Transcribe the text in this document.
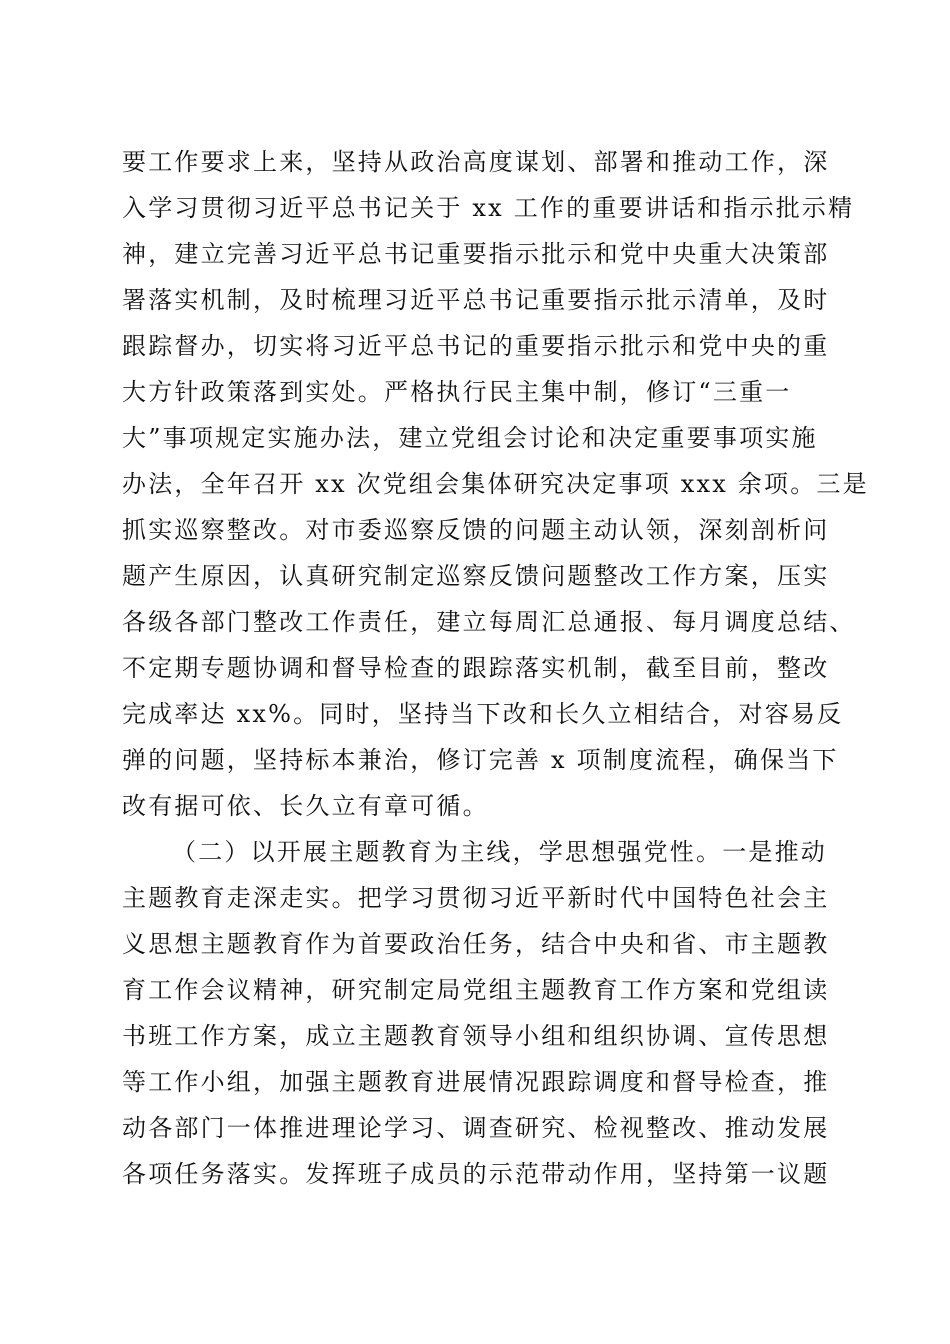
要工作要求上来，坚持从政治高度谋划、部署和推动工作，深
入学习贯彻习近平总书记关于 xx 工作的重要讲话和指示批示精
神，建立完善习近平总书记重要指示批示和党中央重大决策部
署落实机制，及时梳理习近平总书记重要指示批示清单，及时
跟踪督办，切实将习近平总书记的重要指示批示和党中央的重
大方针政策落到实处。严格执行民主集中制，修订“三重一
大”事项规定实施办法，建立党组会讨论和决定重要事项实施
办法，全年召开 xx 次党组会集体研究决定事项 xxx 余项。三是
抓实巡察整改。对市委巡察反馈的问题主动认领，深刻剖析问
题产生原因，认真研究制定巡察反馈问题整改工作方案，压实
各级各部门整改工作责任，建立每周汇总通报、每月调度总结、
不定期专题协调和督导检查的跟踪落实机制，截至目前，整改
完成率达 xx%。同时，坚持当下改和长久立相结合，对容易反
弹的问题，坚持标本兼治，修订完善 x 项制度流程，确保当下
改有据可依、长久立有章可循。
（二）以开展主题教育为主线，学思想强党性。一是推动
主题教育走深走实。把学习贯彻习近平新时代中国特色社会主
义思想主题教育作为首要政治任务，结合中央和省、市主题教
育工作会议精神，研究制定局党组主题教育工作方案和党组读
书班工作方案，成立主题教育领导小组和组织协调、宣传思想
等工作小组，加强主题教育进展情况跟踪调度和督导检查，推
动各部门一体推进理论学习、调查研究、检视整改、推动发展
各项任务落实。发挥班子成员的示范带动作用，坚持第一议题
